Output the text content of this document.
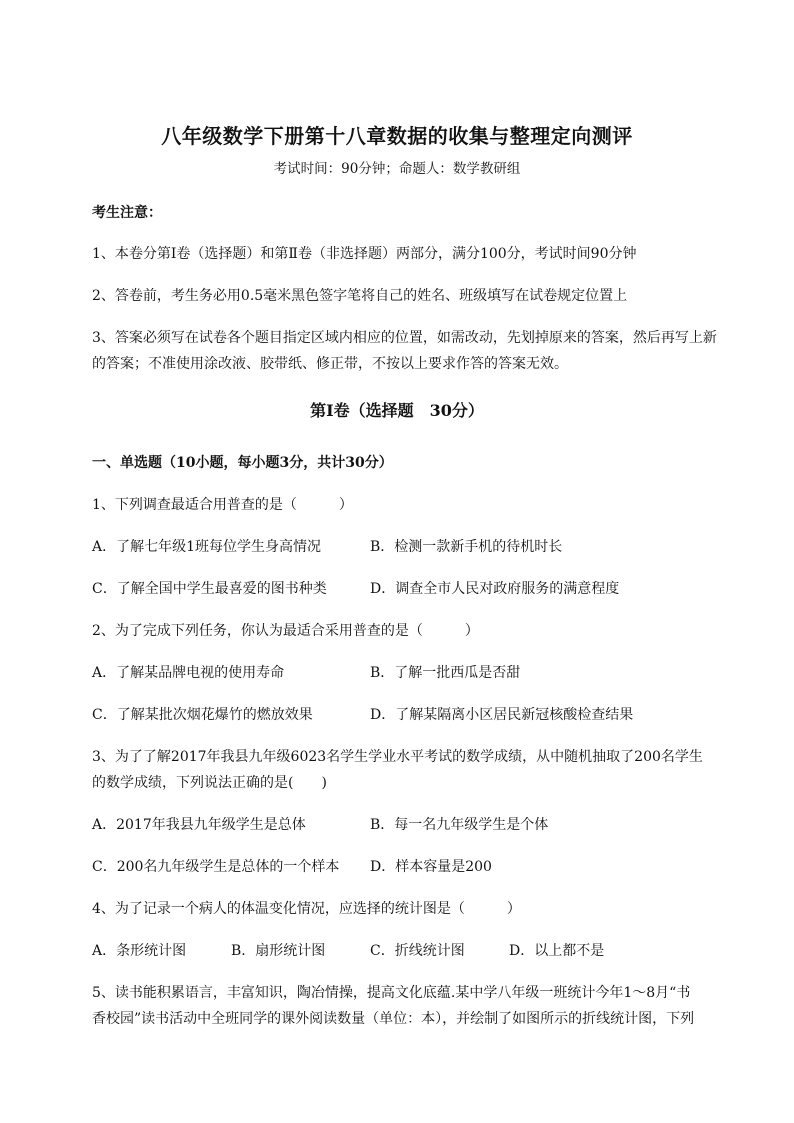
八年级数学下册第十八章数据的收集与整理定向测评
考试时间：90分钟；命题人：数学教研组
考生注意：
1、本卷分第I卷（选择题）和第Ⅱ卷（非选择题）两部分，满分100分，考试时间90分钟
2、答卷前，考生务必用0.5毫米黑色签字笔将自己的姓名、班级填写在试卷规定位置上
3、答案必须写在试卷各个题目指定区域内相应的位置，如需改动，先划掉原来的答案，然后再写上新
的答案；不准使用涂改液、胶带纸、修正带，不按以上要求作答的答案无效。
第I卷（选择题　30分）
一、单选题（10小题，每小题3分，共计30分）
1、下列调查最适合用普查的是（　　　）
A．了解七年级1班每位学生身高情况	B．检测一款新手机的待机时长
C．了解全国中学生最喜爱的图书种类	D．调查全市人民对政府服务的满意程度
2、为了完成下列任务，你认为最适合采用普查的是（　　　）
A．了解某品牌电视的使用寿命	B．了解一批西瓜是否甜
C．了解某批次烟花爆竹的燃放效果	D．了解某隔离小区居民新冠核酸检查结果
3、为了了解2017年我县九年级6023名学生学业水平考试的数学成绩，从中随机抽取了200名学生
的数学成绩，下列说法正确的是(　　)
A．2017年我县九年级学生是总体	B．每一名九年级学生是个体
C．200名九年级学生是总体的一个样本 D．样本容量是200
4、为了记录一个病人的体温变化情况，应选择的统计图是（　　　）
A．条形统计图	B．扇形统计图	C．折线统计图	D．以上都不是
5、读书能积累语言，丰富知识，陶冶情操，提高文化底蕴.某中学八年级一班统计今年1～8月“书
香校园”读书活动中全班同学的课外阅读数量（单位：本），并绘制了如图所示的折线统计图，下列
